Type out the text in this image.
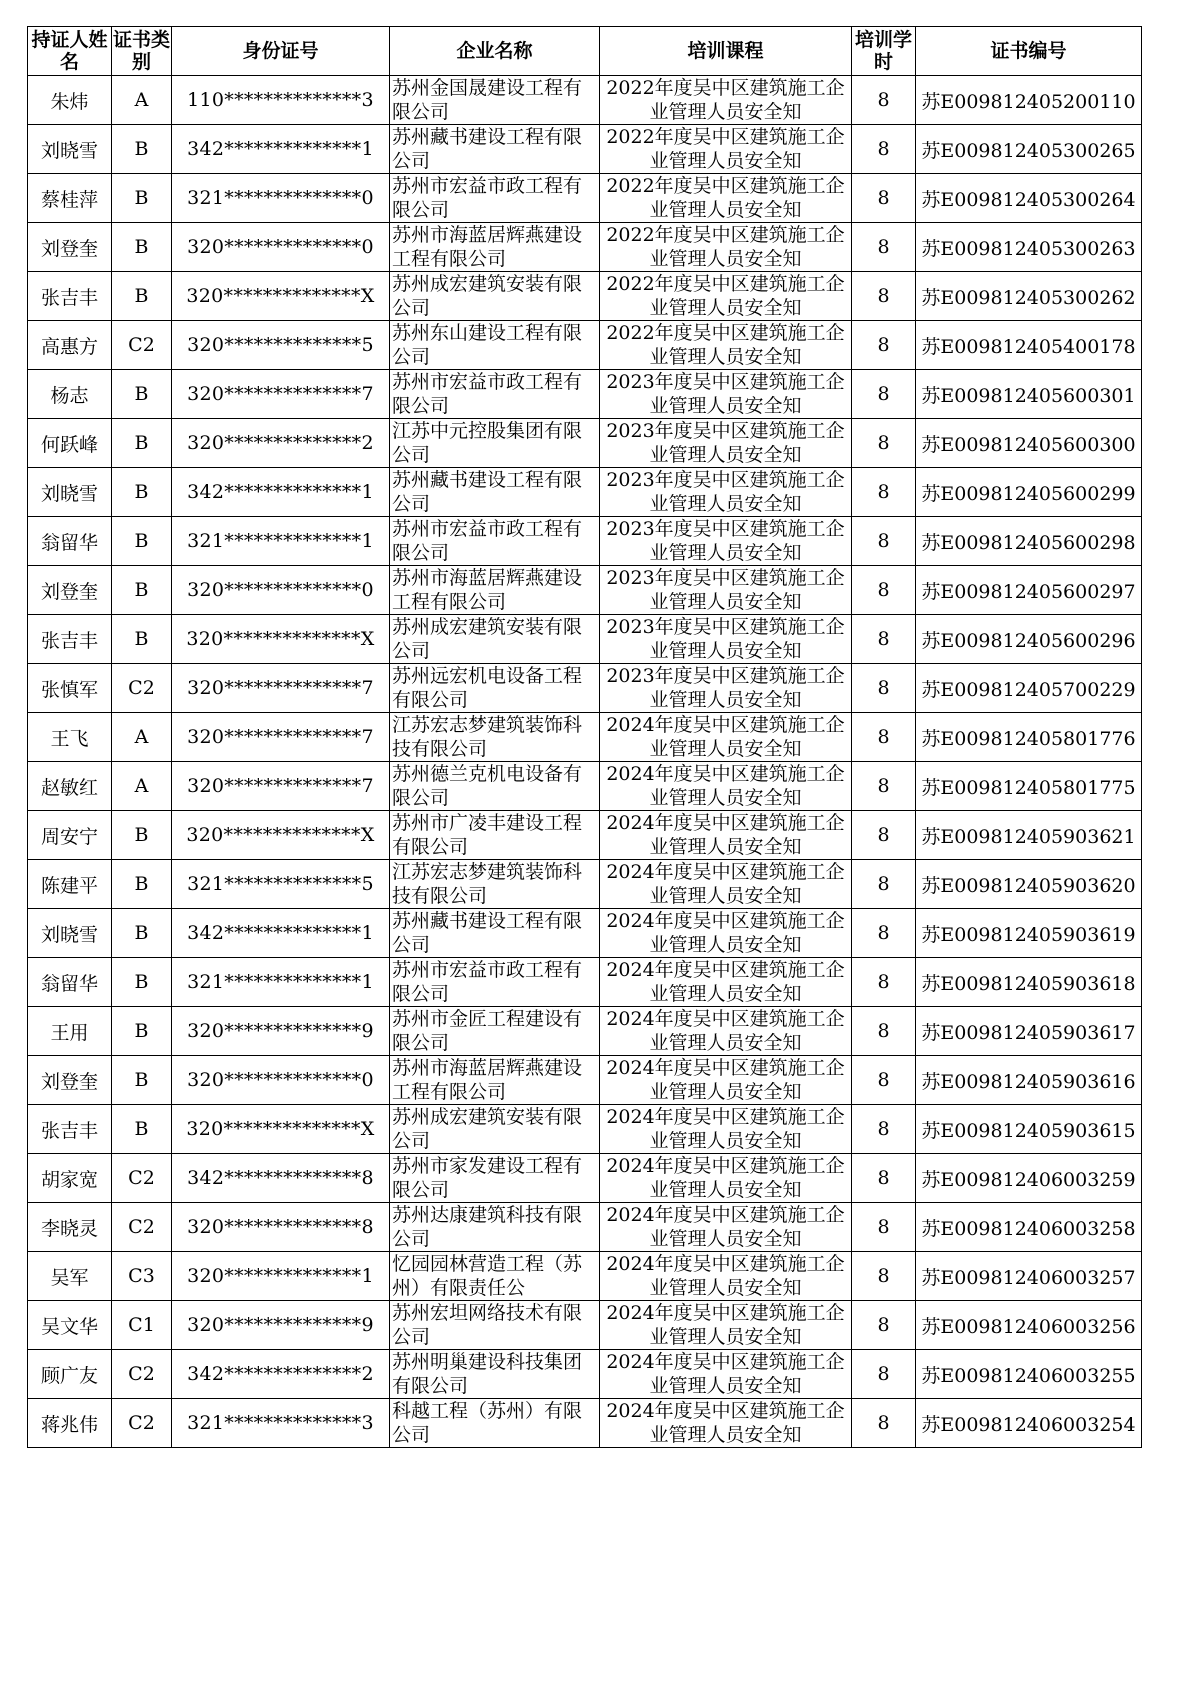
持证人姓名	证书类别	身份证号	企业名称	培训课程	培训学时	证书编号
朱炜	A	110**************3	苏州金国晟建设工程有限公司	2022年度吴中区建筑施工企业管理人员安全知	8	苏E009812405200110
刘晓雪	B	342**************1	苏州藏书建设工程有限公司	2022年度吴中区建筑施工企业管理人员安全知	8	苏E009812405300265
蔡桂萍	B	321**************0	苏州市宏益市政工程有限公司	2022年度吴中区建筑施工企业管理人员安全知	8	苏E009812405300264
刘登奎	B	320**************0	苏州市海蓝居辉燕建设工程有限公司	2022年度吴中区建筑施工企业管理人员安全知	8	苏E009812405300263
张吉丰	B	320**************X	苏州成宏建筑安装有限公司	2022年度吴中区建筑施工企业管理人员安全知	8	苏E009812405300262
高惠方	C2	320**************5	苏州东山建设工程有限公司	2022年度吴中区建筑施工企业管理人员安全知	8	苏E009812405400178
杨志	B	320**************7	苏州市宏益市政工程有限公司	2023年度吴中区建筑施工企业管理人员安全知	8	苏E009812405600301
何跃峰	B	320**************2	江苏中元控股集团有限公司	2023年度吴中区建筑施工企业管理人员安全知	8	苏E009812405600300
刘晓雪	B	342**************1	苏州藏书建设工程有限公司	2023年度吴中区建筑施工企业管理人员安全知	8	苏E009812405600299
翁留华	B	321**************1	苏州市宏益市政工程有限公司	2023年度吴中区建筑施工企业管理人员安全知	8	苏E009812405600298
刘登奎	B	320**************0	苏州市海蓝居辉燕建设工程有限公司	2023年度吴中区建筑施工企业管理人员安全知	8	苏E009812405600297
张吉丰	B	320**************X	苏州成宏建筑安装有限公司	2023年度吴中区建筑施工企业管理人员安全知	8	苏E009812405600296
张慎军	C2	320**************7	苏州远宏机电设备工程有限公司	2023年度吴中区建筑施工企业管理人员安全知	8	苏E009812405700229
王飞	A	320**************7	江苏宏志梦建筑装饰科技有限公司	2024年度吴中区建筑施工企业管理人员安全知	8	苏E009812405801776
赵敏红	A	320**************7	苏州德兰克机电设备有限公司	2024年度吴中区建筑施工企业管理人员安全知	8	苏E009812405801775
周安宁	B	320**************X	苏州市广凌丰建设工程有限公司	2024年度吴中区建筑施工企业管理人员安全知	8	苏E009812405903621
陈建平	B	321**************5	江苏宏志梦建筑装饰科技有限公司	2024年度吴中区建筑施工企业管理人员安全知	8	苏E009812405903620
刘晓雪	B	342**************1	苏州藏书建设工程有限公司	2024年度吴中区建筑施工企业管理人员安全知	8	苏E009812405903619
翁留华	B	321**************1	苏州市宏益市政工程有限公司	2024年度吴中区建筑施工企业管理人员安全知	8	苏E009812405903618
王用	B	320**************9	苏州市金匠工程建设有限公司	2024年度吴中区建筑施工企业管理人员安全知	8	苏E009812405903617
刘登奎	B	320**************0	苏州市海蓝居辉燕建设工程有限公司	2024年度吴中区建筑施工企业管理人员安全知	8	苏E009812405903616
张吉丰	B	320**************X	苏州成宏建筑安装有限公司	2024年度吴中区建筑施工企业管理人员安全知	8	苏E009812405903615
胡家宽	C2	342**************8	苏州市家发建设工程有限公司	2024年度吴中区建筑施工企业管理人员安全知	8	苏E009812406003259
李晓灵	C2	320**************8	苏州达康建筑科技有限公司	2024年度吴中区建筑施工企业管理人员安全知	8	苏E009812406003258
吴军	C3	320**************1	忆园园林营造工程（苏州）有限责任公	2024年度吴中区建筑施工企业管理人员安全知	8	苏E009812406003257
吴文华	C1	320**************9	苏州宏坦网络技术有限公司	2024年度吴中区建筑施工企业管理人员安全知	8	苏E009812406003256
顾广友	C2	342**************2	苏州明巢建设科技集团有限公司	2024年度吴中区建筑施工企业管理人员安全知	8	苏E009812406003255
蒋兆伟	C2	321**************3	科越工程（苏州）有限公司	2024年度吴中区建筑施工企业管理人员安全知	8	苏E009812406003254
